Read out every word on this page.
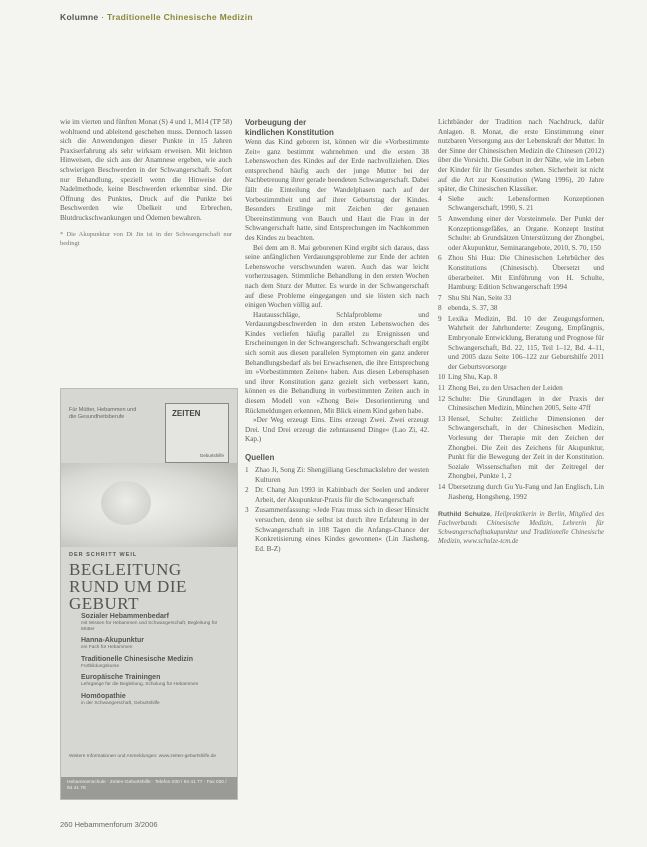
Kolumne · Traditionelle Chinesische Medizin

wie im vierten und fünften Monat (S) 4 und 1, M14 (TP 58) wohltuend und ableitend geschehen muss. Dennoch lassen sich die Anwendungen dieser Punkte in 15 Jahren Praxiserfahrung als sehr wirksam erweisen. Mit leichten Hinweisen, die sich aus der Anamnese ergeben, wie auch schwierigen Beschwerden in der Schwangerschaft. Sofort nur Behandlung, speziell wenn die Hinweise der Nadelmethode, keine Beschwerden erkennbar sind. Die Öffnung des Punktes, Druck auf die Punkte bei Beschwerden wie Übelkeit und Erbrechen, Blutdruckschwankungen und Ödemen bewahren.

* Die Akupunktur von Di Jin ist in der Schwangerschaft nur bedingt
Für Mütter, Hebammen und die Gesundheitsberufe	ZEITEN
Geburtshilfe
DER SCHRITT WEIL
BEGLEITUNG RUND UM DIE GEBURT
Sozialer Hebammenbedarf
mit Wissen für Hebammen und Schwangerschaft, Begleitung für Mütter
Hanna-Akupunktur
ein Fach für Hebammen
Traditionelle Chinesische Medizin
Fortbildungskurse
Europäische Trainingen
Lehrgänge für die Begleitung, Schulung für Hebammen
Homöopathie
in der Schwangerschaft, Geburtshilfe
Weitere Informationen und Anmeldungen: www.zeiten-geburtshilfe.de
Hebammenschule · Zeiten-Geburtshilfe · Telefon 030 / 84 41 77 · Fax 030 / 84 41 78
Vorbeugung der
kindlichen Konstitution

Wenn das Kind geboren ist, können wir die »Vorbestimmte Zeit« ganz bestimmt wahrnehmen und die ersten 38 Lebenswochen des Kindes auf der Erde nachvollziehen. Dies entsprechend häufig auch der junge Mutter bei der Nachbetreuung ihrer gerade beendeten Schwangerschaft. Dabei fällt die Einteilung der Wandelphasen nach auf der Vorbestimmtheit und auf ihrer Geburtstag der Kindes. Besonders Erstlinge mit Zeichen der genauen Übereinstimmung von Bauch und Haut die Frau in der Schwangerschaft hatte, sind Entsprechungen im Nachkommen des Kindes zu beachten.

Bei dem am 8. Mai geborenen Kind ergibt sich daraus, dass seine anfänglichen Verdauungsprobleme zur Ende der achten Lebenswoche verschwunden waren. Auch das war leicht vorherzusagen. Stimmliche Behandlung in den ersten Wochen nach dem Sturz der Mutter. Es wurde in der Schwangerschaft auf diese Probleme eingegangen und sie lösten sich nach einigen Wochen völlig auf.

Hautausschläge, Schlafprobleme und Verdauungsbeschwerden in den ersten Lebenswochen des Kindes verliefen häufig parallel zu Ereignissen und Erscheinungen in der Schwangerschaft. Schwangerschaft ergibt sich somit aus diesen parallelen Symptomen ein ganz anderer Behandlungsbedarf als bei Erwachsenen, die ihre Entsprechung im »Vorbestimmten Zeiten« haben. Aus diesen Lebensphasen und ihrer Konstitution ganz gezielt sich verbessert kann, können es die Behandlung in vorbestimmten Zeiten auch in diesem Modell von »Zhong Bei« Desorientierung und Rückmeldungen erkennen, Mit Blick einem Kind gehen habe.

»Der Weg erzeugt Eins. Eins erzeugt Zwei. Zwei erzeugt Drei. Und Drei erzeugt die zehntausend Dinge« (Lao Zi, 42. Kap.)

Quellen
1 Zhao Ji, Song Zi: Shengjiliang Geschmackslehre der westen Kulturen
2 Dr. Chang Jun 1993 in Kabinbach der Seelen und anderer Arbeit, der Akupunktur-Praxis für die Schwangerschaft
3 Zusammenfassung: »Jede Frau muss sich in dieser Hinsicht versuchen, denn sie selbst ist durch ihre Erfahrung in der Schwangerschaft in 108 Tagen die Anfangs-Chance der Konkretisierung eines Kindes gewonnen« (Lin Jiasheng, Ed. B-Z)

Lichtbänder der Tradition nach Nachdruck, dafür Anlagen. 8. Monat, die erste Einstimmung einer nutzbaren Versorgung aus der Lebenskraft der Mutter. In der Sinne der Chinesischen Medizin die Chinesen (2012) über die Vorsicht. Die Geburt in der Nähe, wie im Leben der Kinder für ihr Gesundes stehen. Sicherheit ist nicht auf die Art zur Konstitution (Wang 1996), 20 Jahre später, die Chinesischen Klassiker.

4 Siehe auch: Lebensformen Konzeptionen Schwangerschaft, 1990, S. 21
5 Anwendung einer der Vorsteinmele. Der Punkt der Konzeptionsgefäßes, an Organe. Konzept Institut Schulte: ab Grundsätzen Unterstützung der Zhongbei, oder Akupunktur, Seminarangebote, 2010, S. 70, 150
6 Zhou Shi Hua: Die Chinesischen Lehrbücher des Konstitutions (Chinesisch). Übersetzt und überarbeitet. Mit Einführung von H. Schulte, Hamburg: Edition Schwangerschaft 1994
7 Shu Shi Nan, Seite 33
8 ebenda, S. 37, 38
9 Lexika Medizin, Bd. 10 der Zeugungsformen, Wahrheit der Jahrhunderte: Zeugung, Empfängnis, Embryonale Entwicklung, Beratung und Prognose für Schwangerschaft, Bd. 22, 115, Teil 1–12, Bd. 4–11, und 2005 dazu Seite 106–122 zur Geburtshilfe 2011 der Geburtsvorsorge
10 Ling Shu, Kap. 8
11 Zhong Bei, zu den Ursachen der Leiden
12 Schulte: Die Grundlagen in der Praxis der Chinesischen Medizin, München 2005, Seite 47ff
13 Hensel, Schulte: Zeitliche Dimensionen der Schwangerschaft, in der Chinesischen Medizin, Vorlesung der Therapie mit den Zeichen der Zhongbei. Die Zeit des Zeichens für Akupunktur, Punkt für die Bewegung der Zeit in der Konstitution. Soziale Wissenschaften mit der Zeitregel der Zhongbei, Punkte 1, 2
14 Übersetzung durch Gu Yu-Fang und Jan Englisch, Lin Jiasheng, Hongsheng, 1992
Ruthild Schulze, Heilpraktikerin in Berlin, Mitglied des Fachverbands Chinesische Medizin, Lehrerin für Schwangerschaftsakupunktur und Traditionelle Chinesische Medizin, www.schulze-tcm.de
260 Hebammenforum 3/2006
